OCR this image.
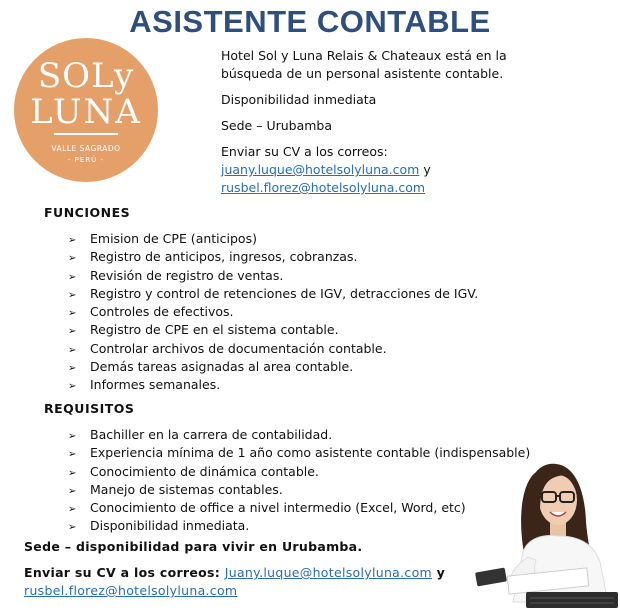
ASISTENTE CONTABLE
SOLy
LUNA
VALLE SAGRADO
- PERÚ -
Hotel Sol y Luna Relais & Chateaux está en la
búsqueda de un personal asistente contable.
Disponibilidad inmediata
Sede – Urubamba
Enviar su CV a los correos:
juany.luque@hotelsolyluna.com y
rusbel.florez@hotelsolyluna.com
FUNCIONES
➢ Emision de CPE (anticipos)
➢ Registro de anticipos, ingresos, cobranzas.
➢ Revisión de registro de ventas.
➢ Registro y control de retenciones de IGV, detracciones de IGV.
➢ Controles de efectivos.
➢ Registro de CPE en el sistema contable.
➢ Controlar archivos de documentación contable.
➢ Demás tareas asignadas al area contable.
➢ Informes semanales.
REQUISITOS
➢ Bachiller en la carrera de contabilidad.
➢ Experiencia mínima de 1 año como asistente contable (indispensable)
➢ Conocimiento de dinámica contable.
➢ Manejo de sistemas contables.
➢ Conocimiento de office a nivel intermedio (Excel, Word, etc)
➢ Disponibilidad inmediata.
Sede – disponibilidad para vivir en Urubamba.
Enviar su CV a los correos: Juany.luque@hotelsolyluna.com y
rusbel.florez@hotelsolyluna.com
